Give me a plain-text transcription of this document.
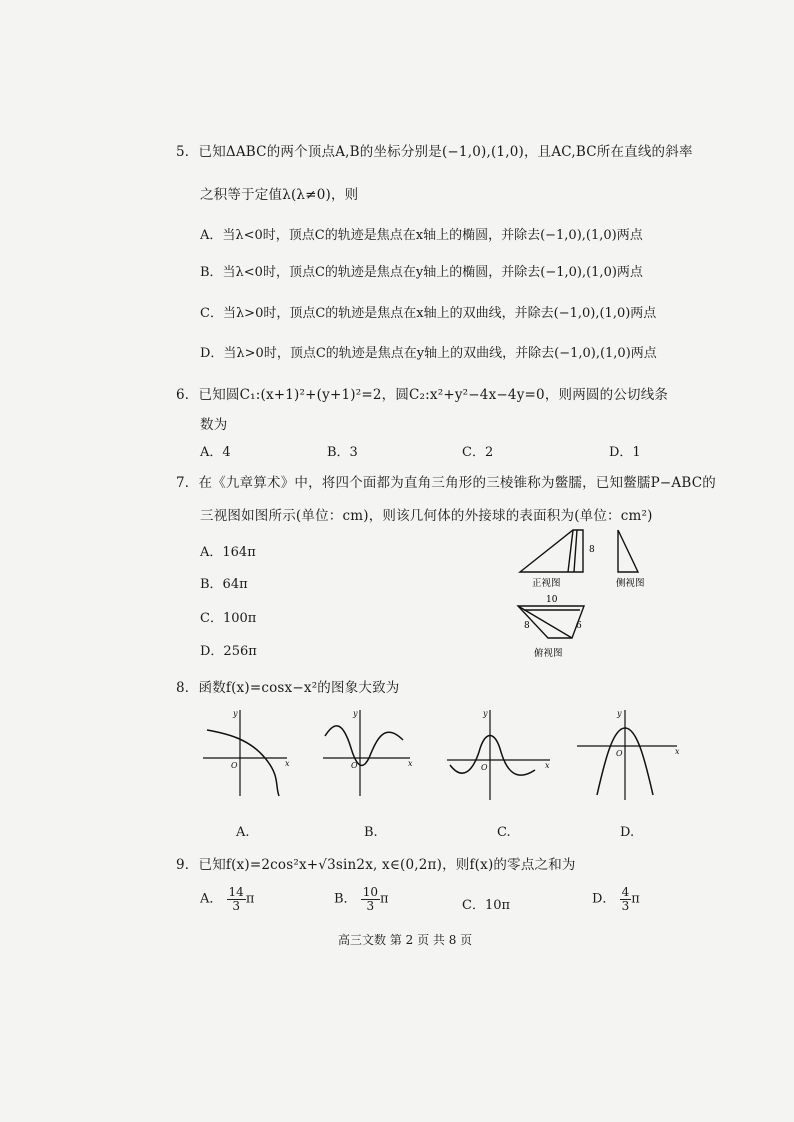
5．已知ΔABC的两个顶点A,B的坐标分别是(−1,0),(1,0)，且AC,BC所在直线的斜率
之积等于定值λ(λ≠0)，则
A．当λ<0时，顶点C的轨迹是焦点在x轴上的椭圆，并除去(−1,0),(1,0)两点
B．当λ<0时，顶点C的轨迹是焦点在y轴上的椭圆，并除去(−1,0),(1,0)两点
C．当λ>0时，顶点C的轨迹是焦点在x轴上的双曲线，并除去(−1,0),(1,0)两点
D．当λ>0时，顶点C的轨迹是焦点在y轴上的双曲线，并除去(−1,0),(1,0)两点
6．已知圆C₁:(x+1)²+(y+1)²=2，圆C₂:x²+y²−4x−4y=0，则两圆的公切线条
数为
A．4	B．3	C．2	D．1
7．在《九章算术》中，将四个面都为直角三角形的三棱锥称为鳖臑，已知鳖臑P−ABC的
三视图如图所示(单位：cm)，则该几何体的外接球的表面积为(单位：cm²)
A．164π
B．64π
C．100π
D．256π
8
正视图	侧视图
10
8	6
俯视图
8．函数f(x)=cosx−x²的图象大致为
y
x
O
y
x
O
y
x
O
y
x
O
A.	B.	C.	D.
9．已知f(x)=2cos²x+√3sin2x, x∈(0,2π)，则f(x)的零点之和为
A． $\frac{14}{3}$ π	B． $\frac{10}{3}$ π	C．10π	D． $\frac{4}{3}$ π
高三文数 第 2 页 共 8 页
